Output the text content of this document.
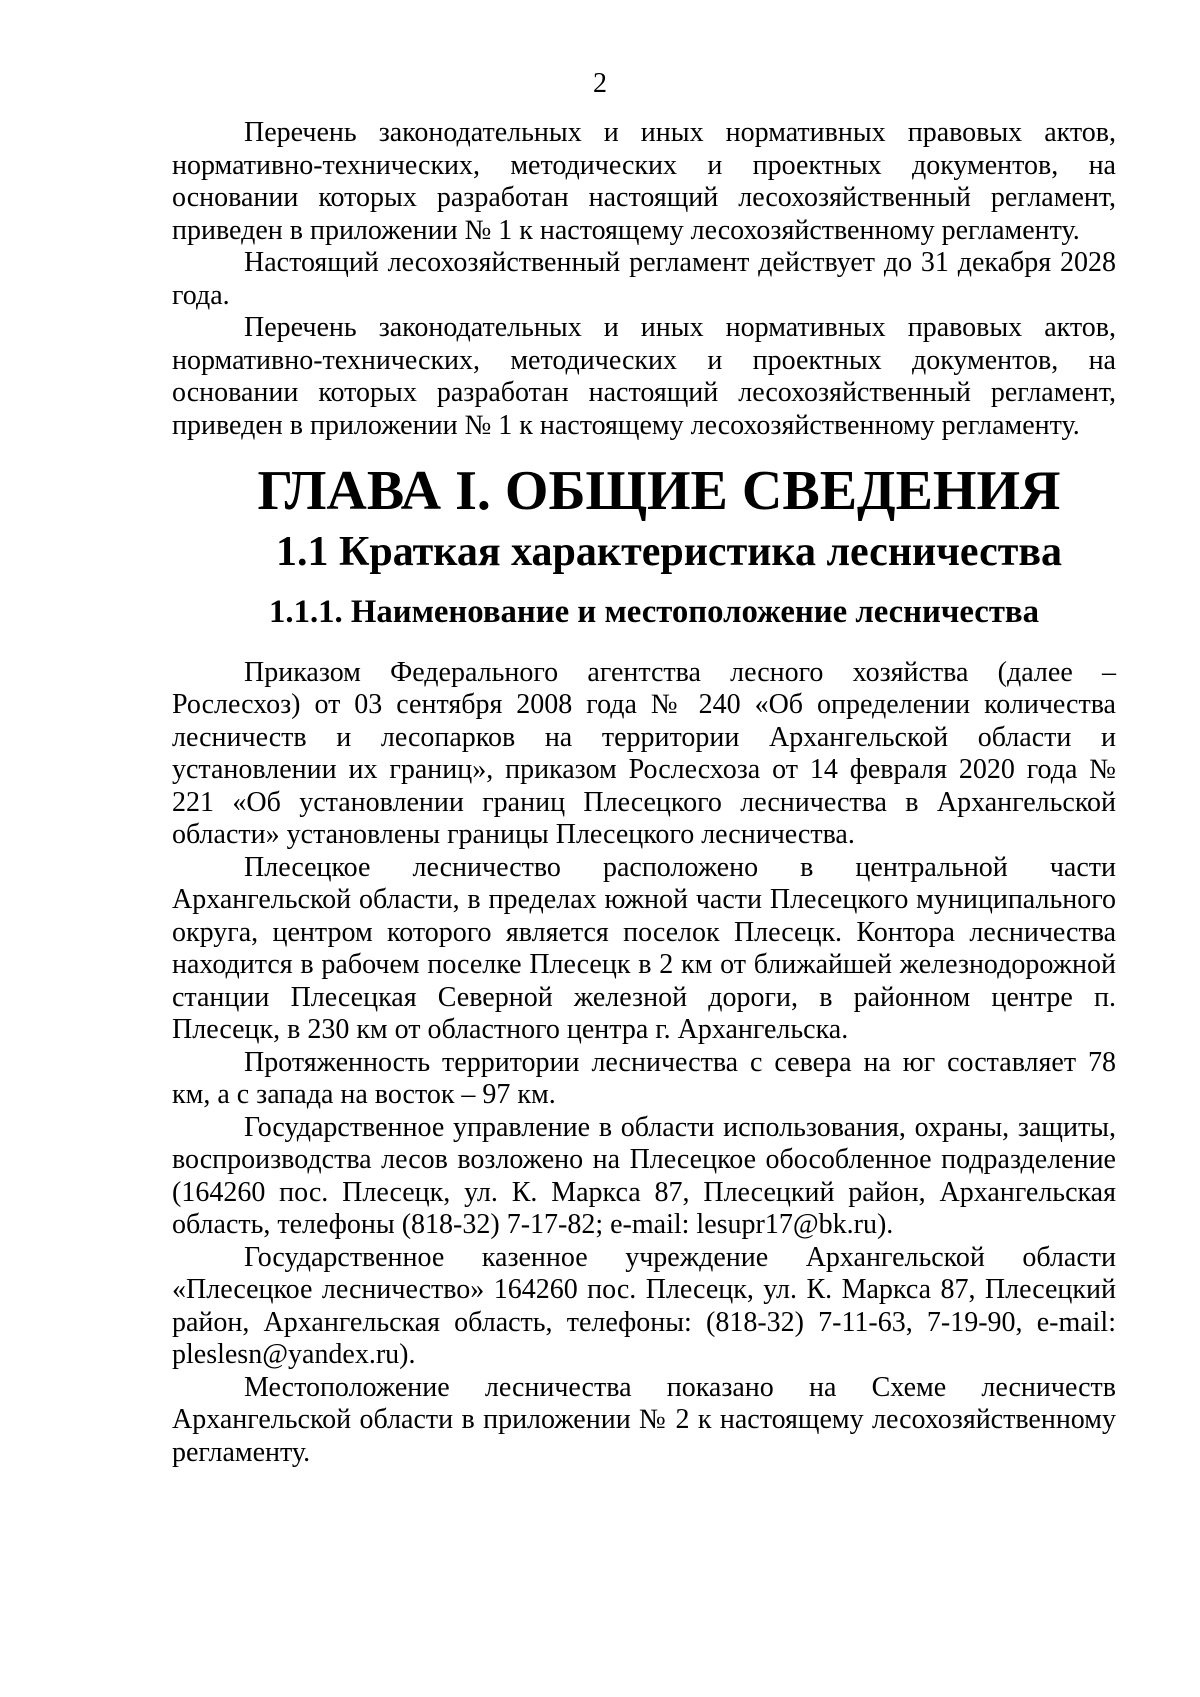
2

Перечень законодательных и иных нормативных правовых актов, нормативно-технических, методических и проектных документов, на основании которых разработан настоящий лесохозяйственный регламент, приведен в приложении № 1 к настоящему лесохозяйственному регламенту.

Настоящий лесохозяйственный регламент действует до 31 декабря 2028 года.

Перечень законодательных и иных нормативных правовых актов, нормативно-технических, методических и проектных документов, на основании которых разработан настоящий лесохозяйственный регламент, приведен в приложении № 1 к настоящему лесохозяйственному регламенту.

ГЛАВА I. ОБЩИЕ СВЕДЕНИЯ
1.1 Краткая характеристика лесничества
1.1.1. Наименование и местоположение лесничества

Приказом Федерального агентства лесного хозяйства (далее – Рослесхоз) от 03 сентября 2008 года № 240 «Об определении количества лесничеств и лесопарков на территории Архангельской области и установлении их границ», приказом Рослесхоза от 14 февраля 2020 года № 221 «Об установлении границ Плесецкого лесничества в Архангельской области» установлены границы Плесецкого лесничества.

Плесецкое лесничество расположено в центральной части Архангельской области, в пределах южной части Плесецкого муниципального округа, центром которого является поселок Плесецк. Контора лесничества находится в рабочем поселке Плесецк в 2 км от ближайшей железнодорожной станции Плесецкая Северной железной дороги, в районном центре п. Плесецк, в 230 км от областного центра г. Архангельска.

Протяженность территории лесничества с севера на юг составляет 78 км, а с запада на восток – 97 км.

Государственное управление в области использования, охраны, защиты, воспроизводства лесов возложено на Плесецкое обособленное подразделение (164260 пос. Плесецк, ул. К. Маркса 87, Плесецкий район, Архангельская область, телефоны (818-32) 7-17-82; e-mail: lesupr17@bk.ru).

Государственное казенное учреждение Архангельской области «Плесецкое лесничество» 164260 пос. Плесецк, ул. К. Маркса 87, Плесецкий район, Архангельская область, телефоны: (818-32) 7-11-63, 7-19-90, e-mail: pleslesn@yandex.ru).

Местоположение лесничества показано на Схеме лесничеств Архангельской области в приложении № 2 к настоящему лесохозяйственному регламенту.
